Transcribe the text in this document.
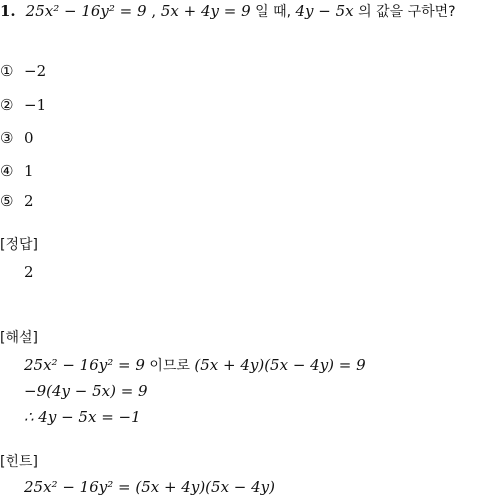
1. 25x² − 16y² = 9 , 5x + 4y = 9 일 때, 4y − 5x 의 값을 구하면?
① −2
② −1
③ 0
④ 1
⑤ 2
[정답]
2
[해설]
25x² − 16y² = 9 이므로 (5x + 4y)(5x − 4y) = 9
−9(4y − 5x) = 9
∴ 4y − 5x = −1
[힌트]
25x² − 16y² = (5x + 4y)(5x − 4y)
